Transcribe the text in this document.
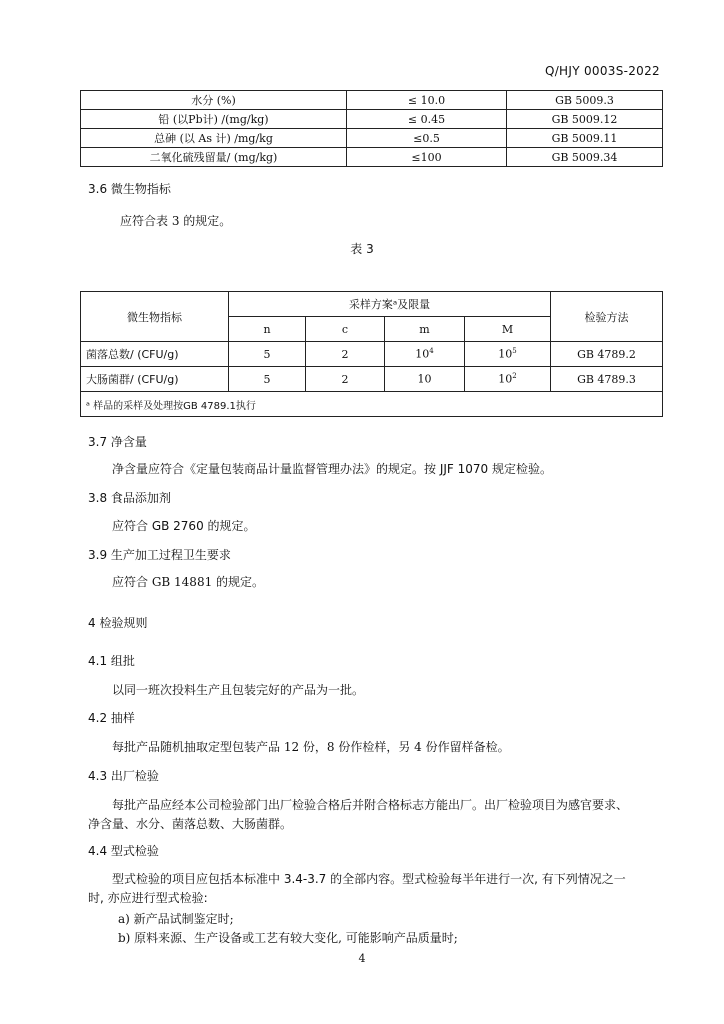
Q/HJY 0003S-2022
水分 (%)	≤ 10.0	GB 5009.3
铅 (以Pb计) /(mg/kg)	≤ 0.45	GB 5009.12
总砷 (以 As 计) /mg/kg	≤0.5	GB 5009.11
二氧化硫残留量/ (mg/kg)	≤100	GB 5009.34
3.6 微生物指标
应符合表 3 的规定。
表 3
微生物指标	采样方案ᵃ及限量				检验方法
	n	c	m	M	
菌落总数/ (CFU/g)	5	2	$10^4$	$10^5$	GB 4789.2
大肠菌群/ (CFU/g)	5	2	10	$10^2$	GB 4789.3
ᵃ 样品的采样及处理按GB 4789.1执行					
3.7 净含量
净含量应符合《定量包装商品计量监督管理办法》的规定。按 JJF 1070 规定检验。
3.8 食品添加剂
应符合 GB 2760 的规定。
3.9 生产加工过程卫生要求
应符合 GB 14881 的规定。
4 检验规则
4.1 组批
以同一班次投料生产且包装完好的产品为一批。
4.2 抽样
每批产品随机抽取定型包装产品 12 份，8 份作检样，另 4 份作留样备检。
4.3 出厂检验
每批产品应经本公司检验部门出厂检验合格后并附合格标志方能出厂。出厂检验项目为感官要求、
净含量、水分、菌落总数、大肠菌群。
4.4 型式检验
型式检验的项目应包括本标准中 3.4-3.7 的全部内容。型式检验每半年进行一次, 有下列情况之一
时, 亦应进行型式检验:
a) 新产品试制鉴定时;
b) 原料来源、生产设备或工艺有较大变化, 可能影响产品质量时;
4
